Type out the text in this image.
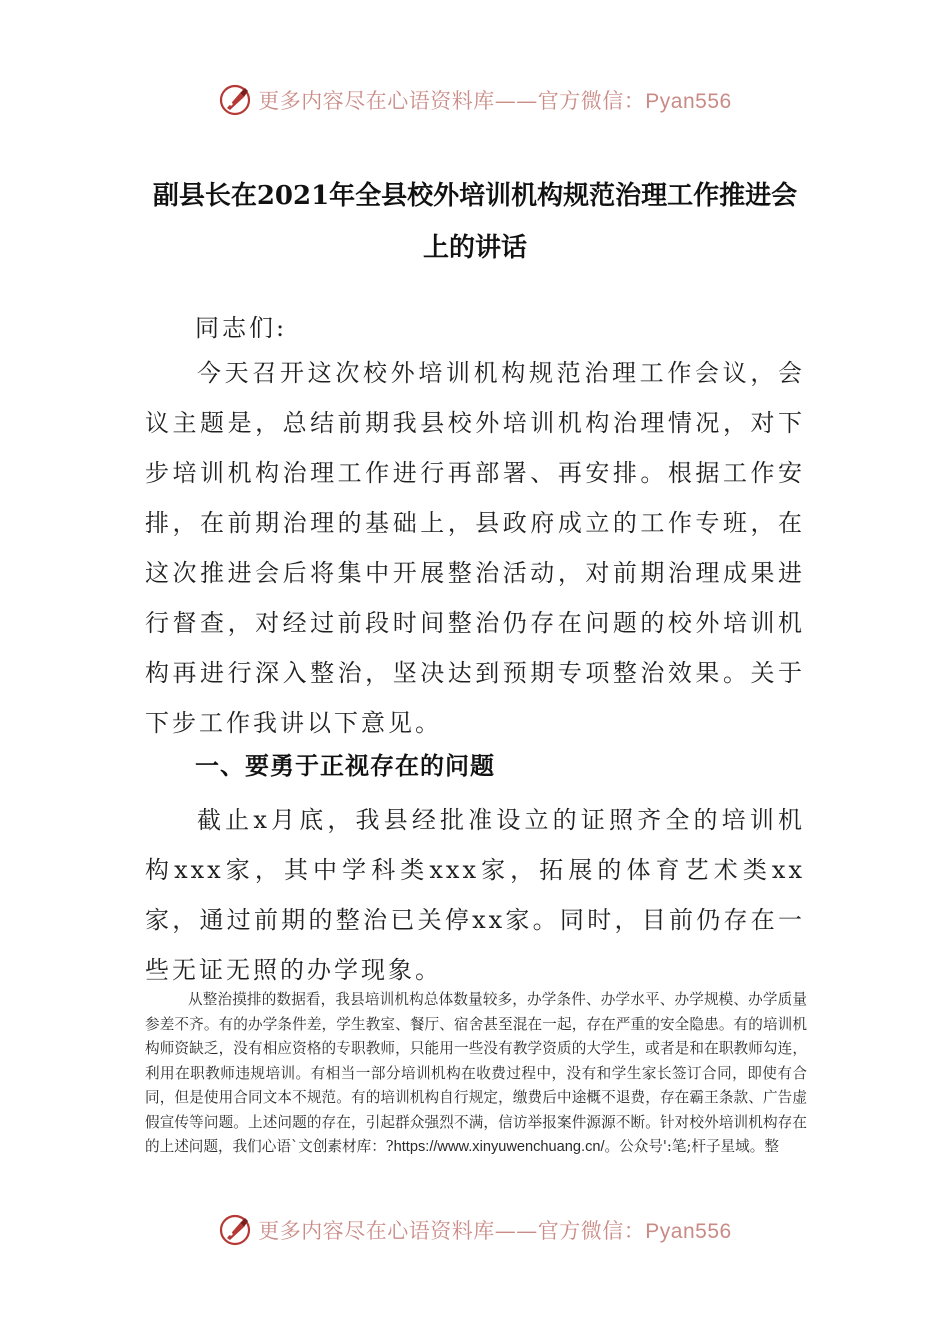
更多内容尽在心语资料库——官方微信：Pyan556
副县长在2021年全县校外培训机构规范治理工作推进会上的讲话

同志们:

今天召开这次校外培训机构规范治理工作会议，会议主题是，总结前期我县校外培训机构治理情况，对下步培训机构治理工作进行再部署、再安排。根据工作安排，在前期治理的基础上，县政府成立的工作专班，在这次推进会后将集中开展整治活动，对前期治理成果进行督查，对经过前段时间整治仍存在问题的校外培训机构再进行深入整治，坚决达到预期专项整治效果。关于下步工作我讲以下意见。

一、要勇于正视存在的问题

截止x月底，我县经批准设立的证照齐全的培训机构xxx家，其中学科类xxx家，拓展的体育艺术类xx家，通过前期的整治已关停xx家。同时，目前仍存在一些无证无照的办学现象。

从整治摸排的数据看，我县培训机构总体数量较多，办学条件、办学水平、办学规模、办学质量参差不齐。有的办学条件差，学生教室、餐厅、宿舍甚至混在一起，存在严重的安全隐患。有的培训机构师资缺乏，没有相应资格的专职教师，只能用一些没有教学资质的大学生，或者是和在职教师勾连，利用在职教师违规培训。有相当一部分培训机构在收费过程中，没有和学生家长签订合同，即使有合同，但是使用合同文本不规范。有的培训机构自行规定，缴费后中途概不退费，存在霸王条款、广告虚假宣传等问题。上述问题的存在，引起群众强烈不满，信访举报案件源源不断。针对校外培训机构存在的上述问题，我们心语`文创素材库：?https://www.xinyuwenchuang.cn/。公众号':笔;杆子星域。整

更多内容尽在心语资料库——官方微信：Pyan556
